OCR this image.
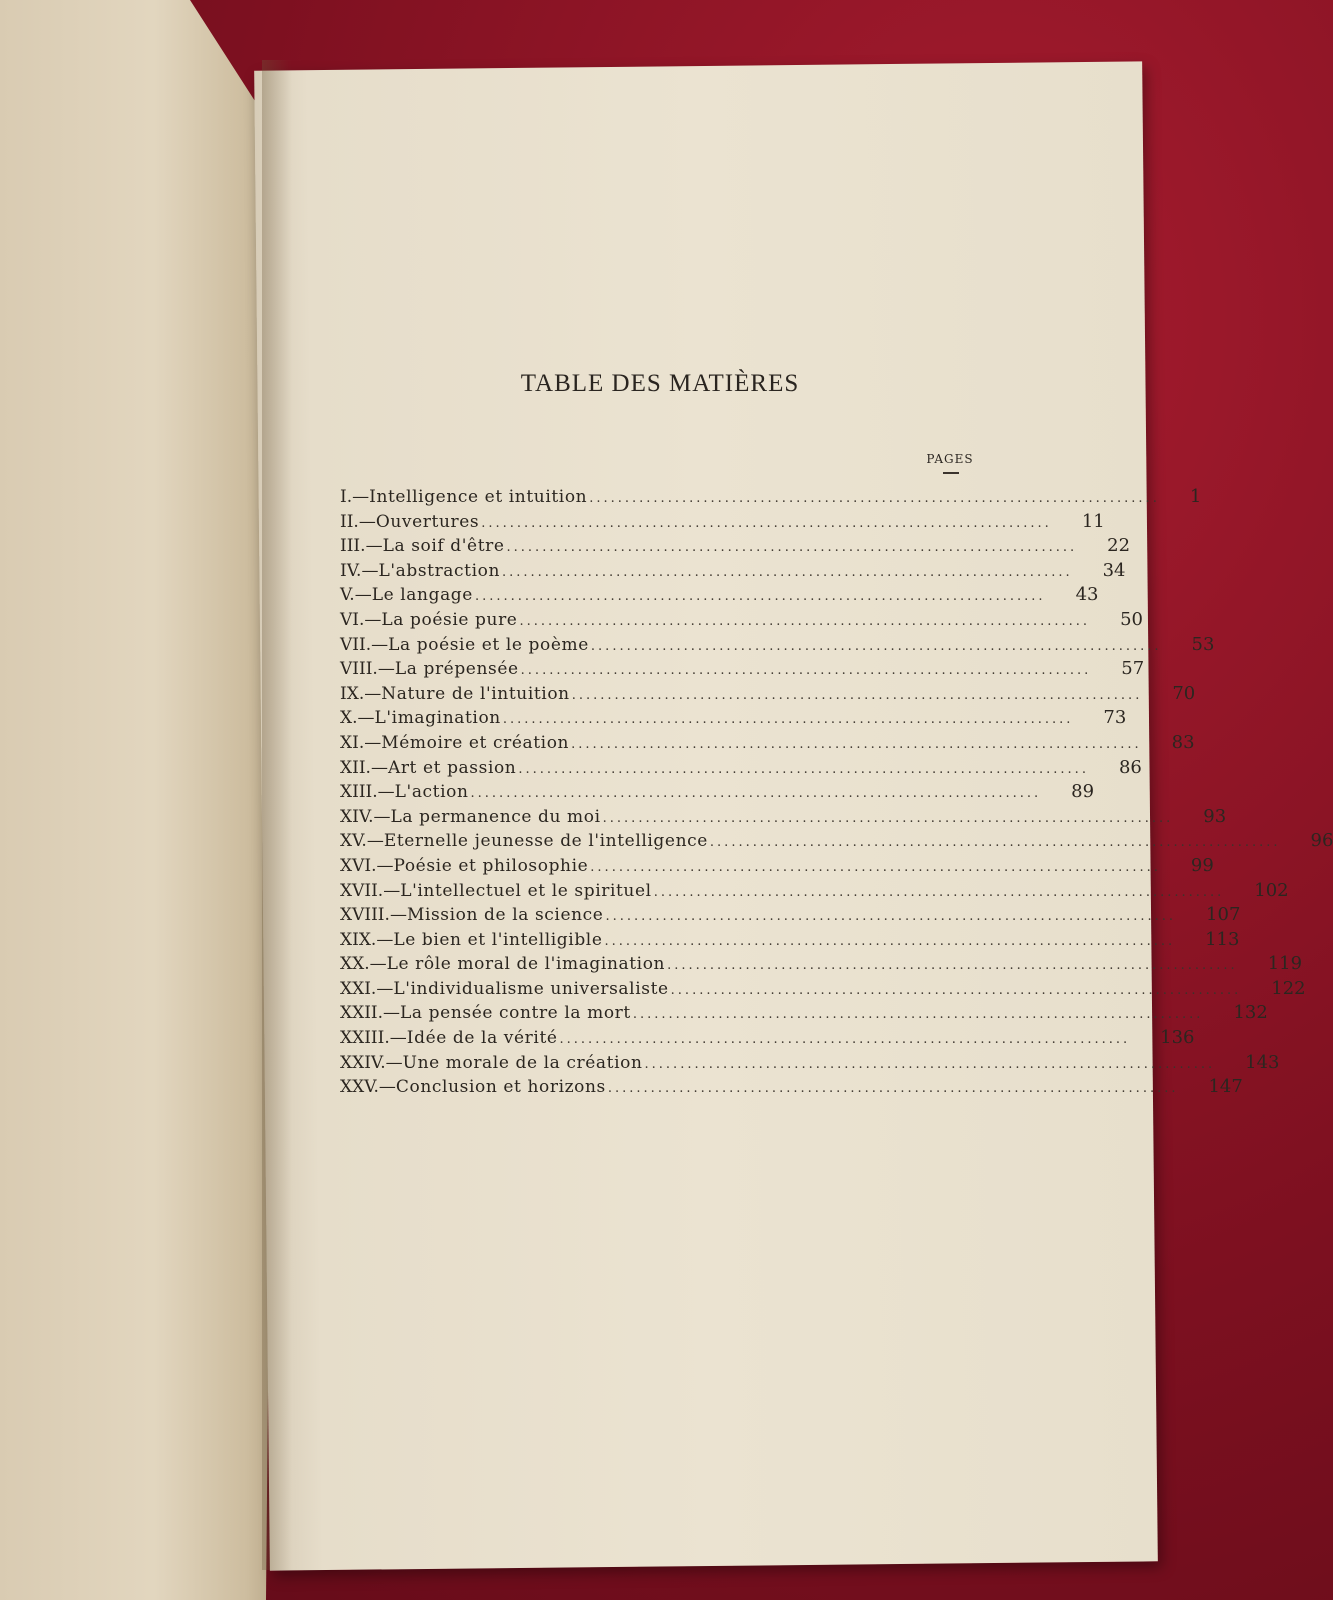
TABLE DES MATIÈRES
PAGES
I. — Intelligence et intuition ................................................................................ 1
II. — Ouvertures ................................................................................ 11
III. — La soif d'être ................................................................................ 22
IV. — L'abstraction ................................................................................ 34
V. — Le langage ................................................................................ 43
VI. — La poésie pure ................................................................................ 50
VII. — La poésie et le poème ................................................................................ 53
VIII. — La prépensée ................................................................................ 57
IX. — Nature de l'intuition ................................................................................ 70
X. — L'imagination ................................................................................ 73
XI. — Mémoire et création ................................................................................ 83
XII. — Art et passion ................................................................................ 86
XIII. — L'action ................................................................................ 89
XIV. — La permanence du moi ................................................................................ 93
XV. — Eternelle jeunesse de l'intelligence ................................................................................ 96
XVI. — Poésie et philosophie ................................................................................ 99
XVII. — L'intellectuel et le spirituel ................................................................................ 102
XVIII. — Mission de la science ................................................................................ 107
XIX. — Le bien et l'intelligible ................................................................................ 113
XX. — Le rôle moral de l'imagination ................................................................................ 119
XXI. — L'individualisme universaliste ................................................................................ 122
XXII. — La pensée contre la mort ................................................................................ 132
XXIII. — Idée de la vérité ................................................................................ 136
XXIV. — Une morale de la création ................................................................................ 143
XXV. — Conclusion et horizons ................................................................................ 147
